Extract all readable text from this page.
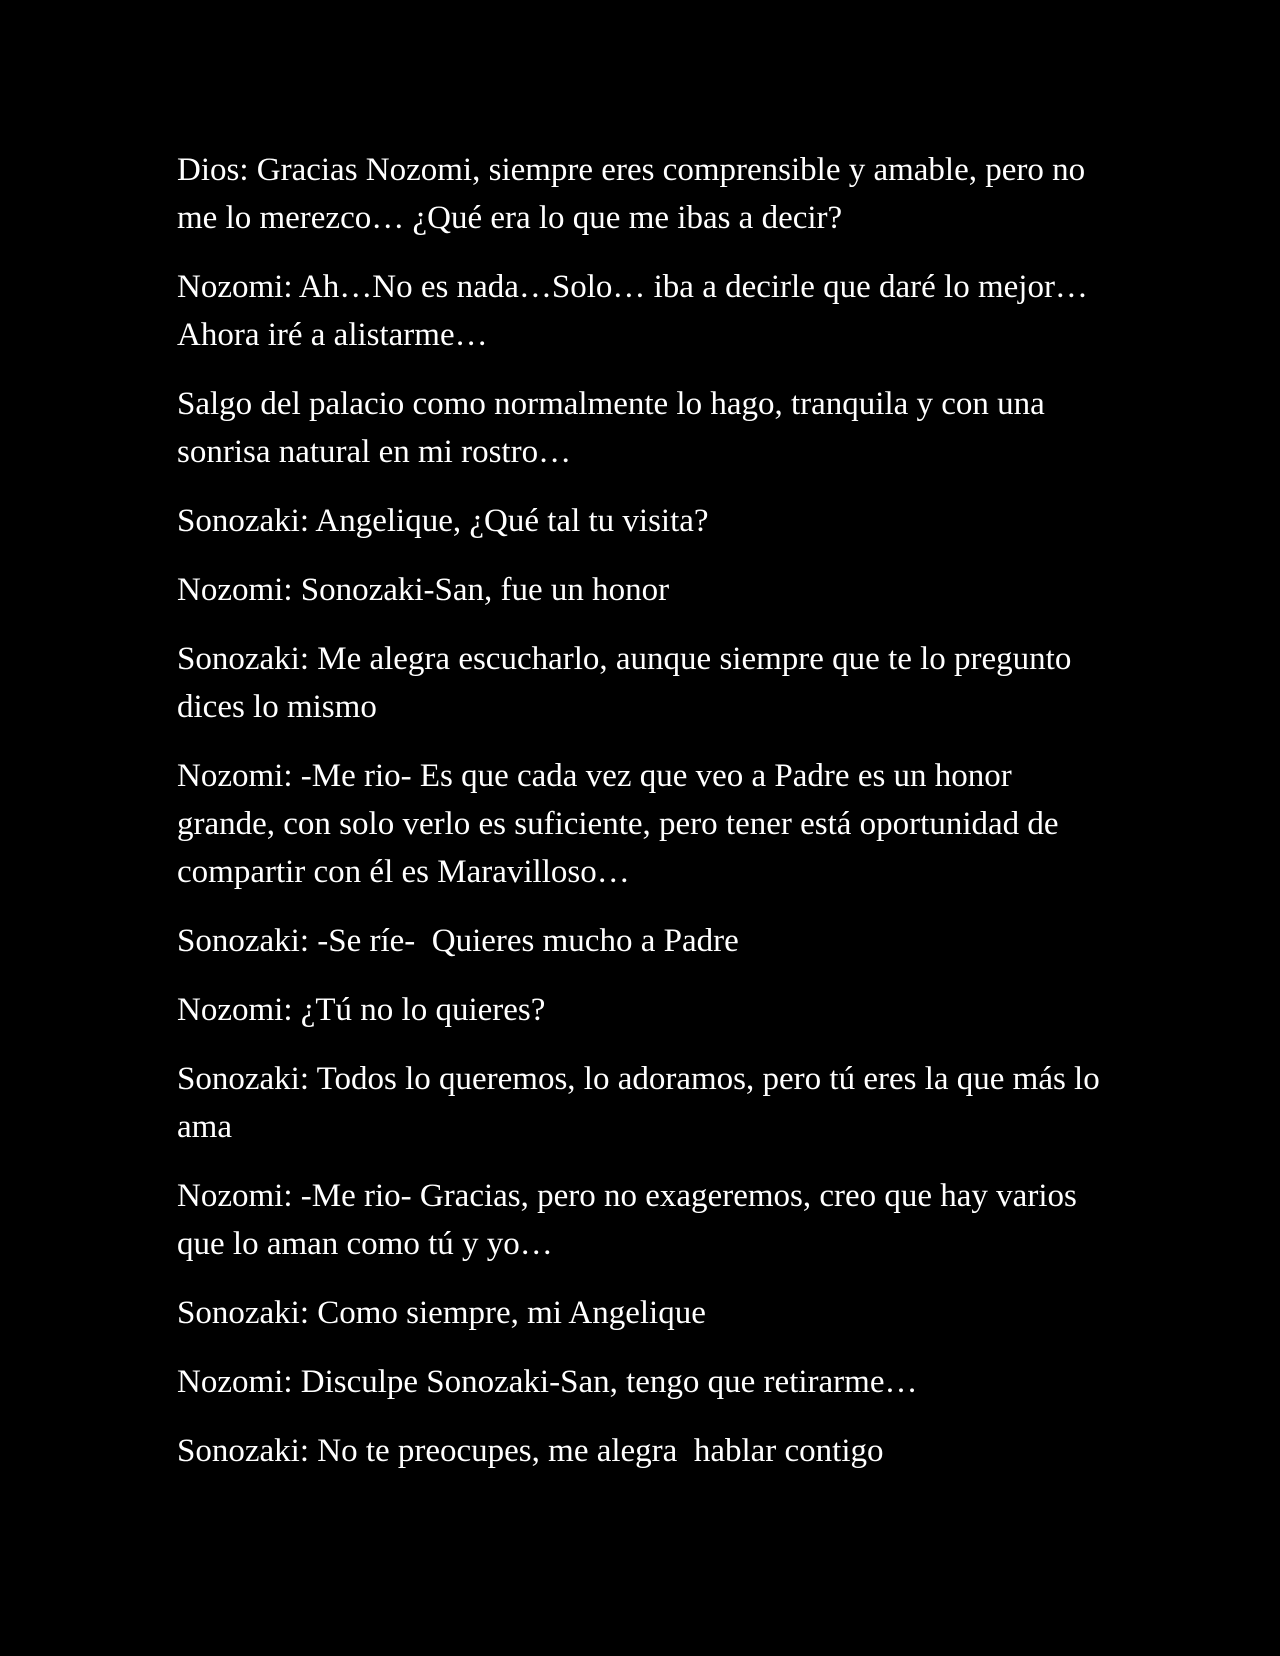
Dios: Gracias Nozomi, siempre eres comprensible y amable, pero no me lo merezco… ¿Qué era lo que me ibas a decir?

Nozomi: Ah…No es nada…Solo… iba a decirle que daré lo mejor…Ahora iré a alistarme…

Salgo del palacio como normalmente lo hago, tranquila y con una sonrisa natural en mi rostro…

Sonozaki: Angelique, ¿Qué tal tu visita?

Nozomi: Sonozaki-San, fue un honor

Sonozaki: Me alegra escucharlo, aunque siempre que te lo pregunto dices lo mismo

Nozomi: -Me rio- Es que cada vez que veo a Padre es un honor grande, con solo verlo es suficiente, pero tener está oportunidad de compartir con él es Maravilloso…

Sonozaki: -Se ríe-  Quieres mucho a Padre

Nozomi: ¿Tú no lo quieres?

Sonozaki: Todos lo queremos, lo adoramos, pero tú eres la que más lo ama

Nozomi: -Me rio- Gracias, pero no exageremos, creo que hay varios que lo aman como tú y yo…

Sonozaki: Como siempre, mi Angelique

Nozomi: Disculpe Sonozaki-San, tengo que retirarme…

Sonozaki: No te preocupes, me alegra  hablar contigo
